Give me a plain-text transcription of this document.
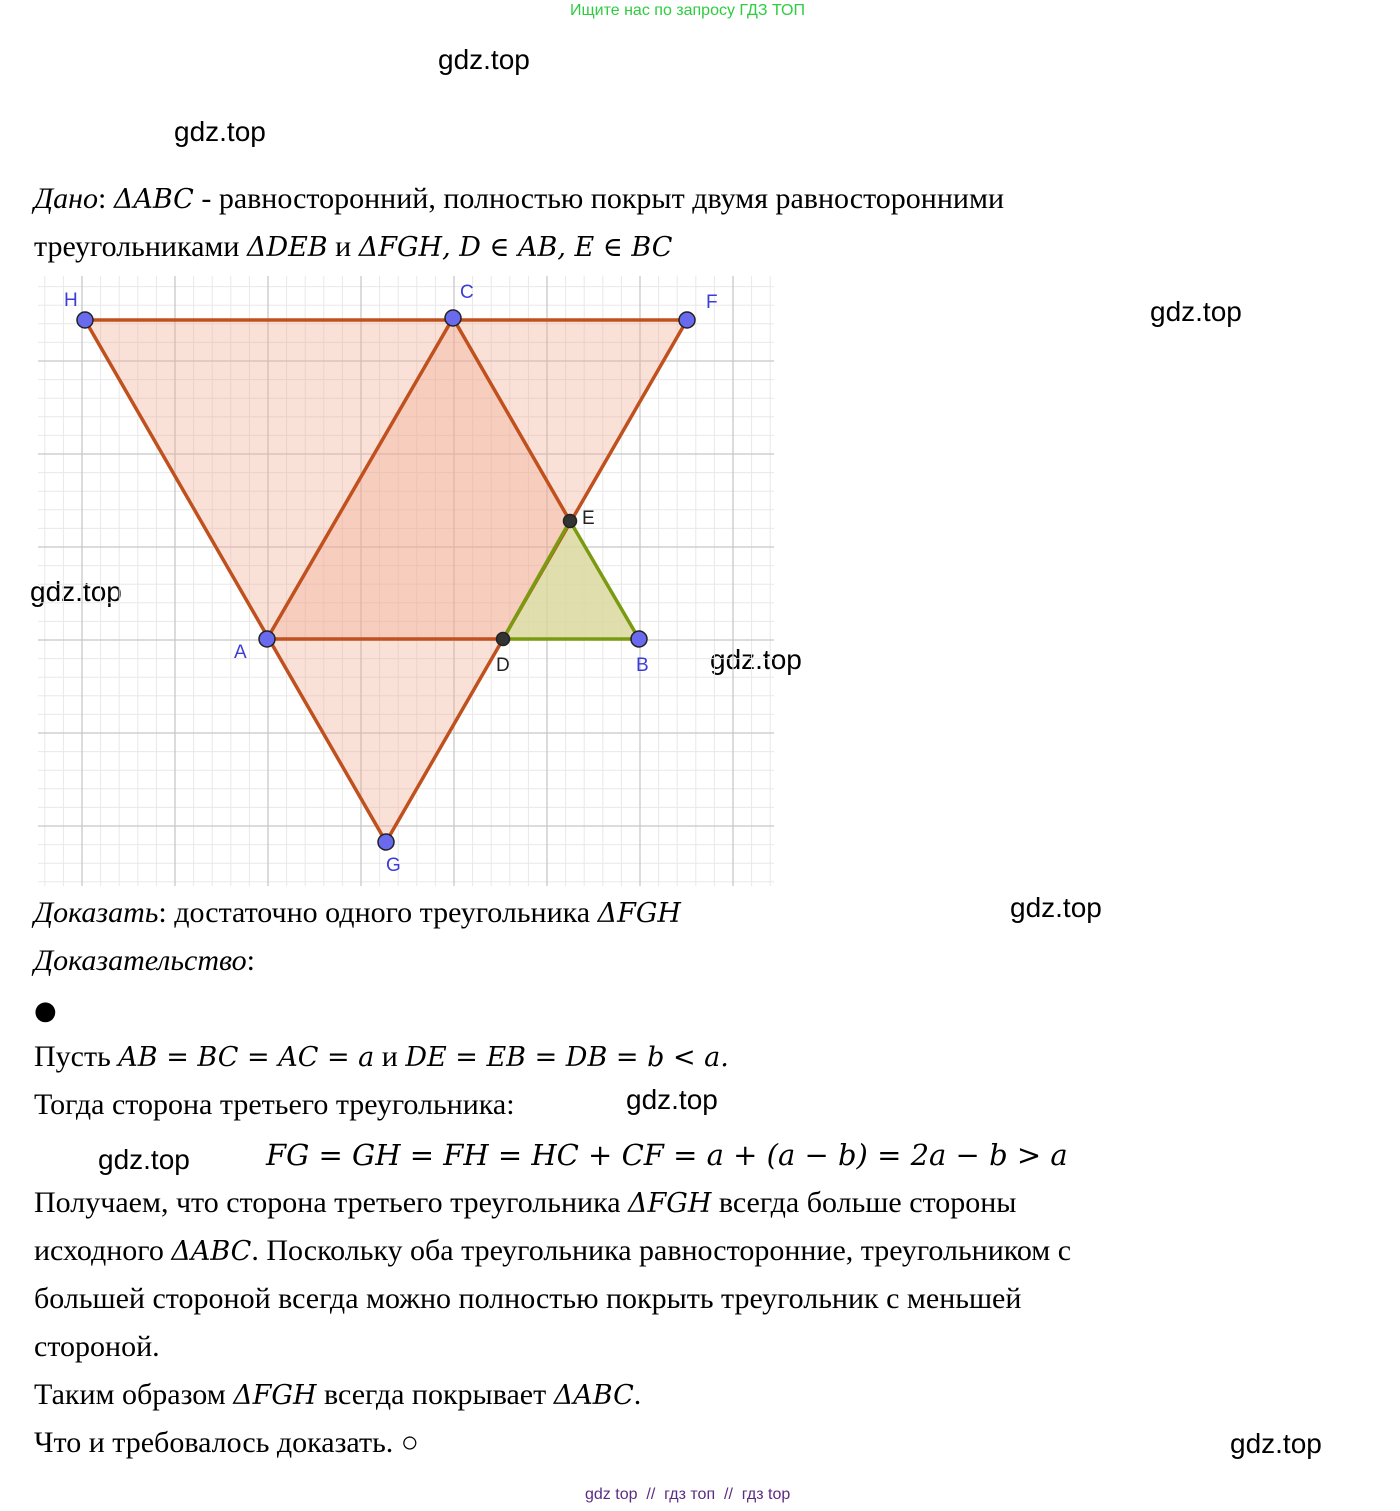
Ищите нас по запросу ГДЗ ТОП
gdz.top
gdz.top
gdz.top
gdz.top
gdz.top
gdz.top
gdz.top
gdz.top
gdz.top
Дано: ΔABC - равносторонний, полностью покрыт двумя равносторонними
треугольниками ΔDEB и ΔFGH, D ∈ AB, E ∈ BC
H	C	F
A
B
G
E
D
Доказать: достаточно одного треугольника ΔFGH
Доказательство:
●
Пусть AB = BC = AC = a и DE = EB = DB = b < a.
Тогда сторона третьего треугольника:
FG = GH = FH = HC + CF = a + (a − b) = 2a − b > a
Получаем, что сторона третьего треугольника ΔFGH всегда больше стороны
исходного ΔABC. Поскольку оба треугольника равносторонние, треугольником с
большей стороной всегда можно полностью покрыть треугольник с меньшей
стороной.
Таким образом ΔFGH всегда покрывает ΔABC.
Что и требовалось доказать. ○
gdz top  //  гдз топ  //  гдз top
